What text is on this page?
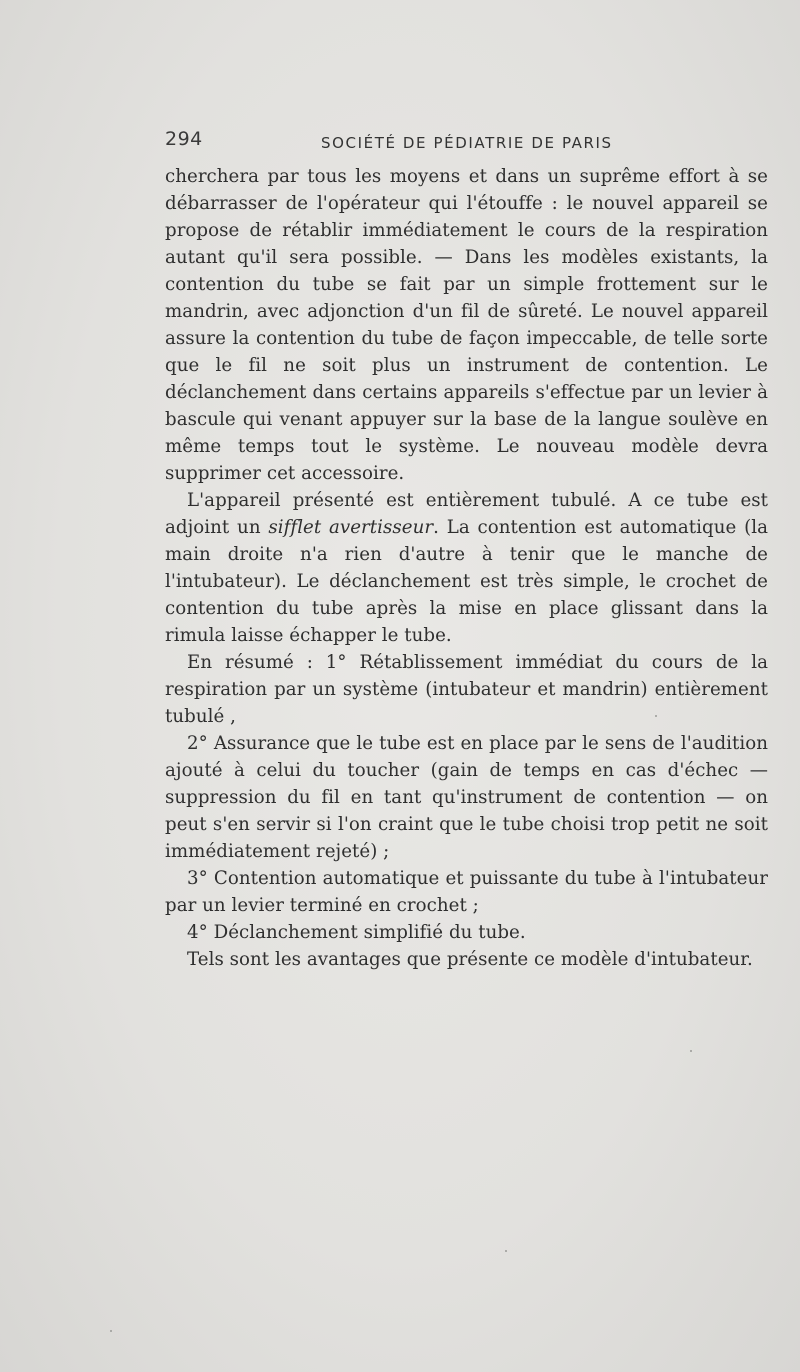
294	SOCIÉTÉ DE PÉDIATRIE DE PARIS

cherchera par tous les moyens et dans un suprême effort à se débarrasser de l'opérateur qui l'étouffe : le nouvel appareil se propose de rétablir immédiatement le cours de la respiration autant qu'il sera possible. — Dans les modèles existants, la contention du tube se fait par un simple frottement sur le mandrin, avec adjonction d'un fil de sûreté. Le nouvel appareil assure la contention du tube de façon impeccable, de telle sorte que le fil ne soit plus un instrument de contention. Le déclanchement dans certains appareils s'effectue par un levier à bascule qui venant appuyer sur la base de la langue soulève en même temps tout le système. Le nouveau modèle devra supprimer cet accessoire.

L'appareil présenté est entièrement tubulé. A ce tube est adjoint un sifflet avertisseur. La contention est automatique (la main droite n'a rien d'autre à tenir que le manche de l'intubateur). Le déclanchement est très simple, le crochet de contention du tube après la mise en place glissant dans la rimula laisse échapper le tube.

En résumé : 1° Rétablissement immédiat du cours de la respiration par un système (intubateur et mandrin) entièrement tubulé ,

2° Assurance que le tube est en place par le sens de l'audition ajouté à celui du toucher (gain de temps en cas d'échec — suppression du fil en tant qu'instrument de contention — on peut s'en servir si l'on craint que le tube choisi trop petit ne soit immédiatement rejeté) ;

3° Contention automatique et puissante du tube à l'intubateur par un levier terminé en crochet ;

4° Déclanchement simplifié du tube.

Tels sont les avantages que présente ce modèle d'intubateur.
